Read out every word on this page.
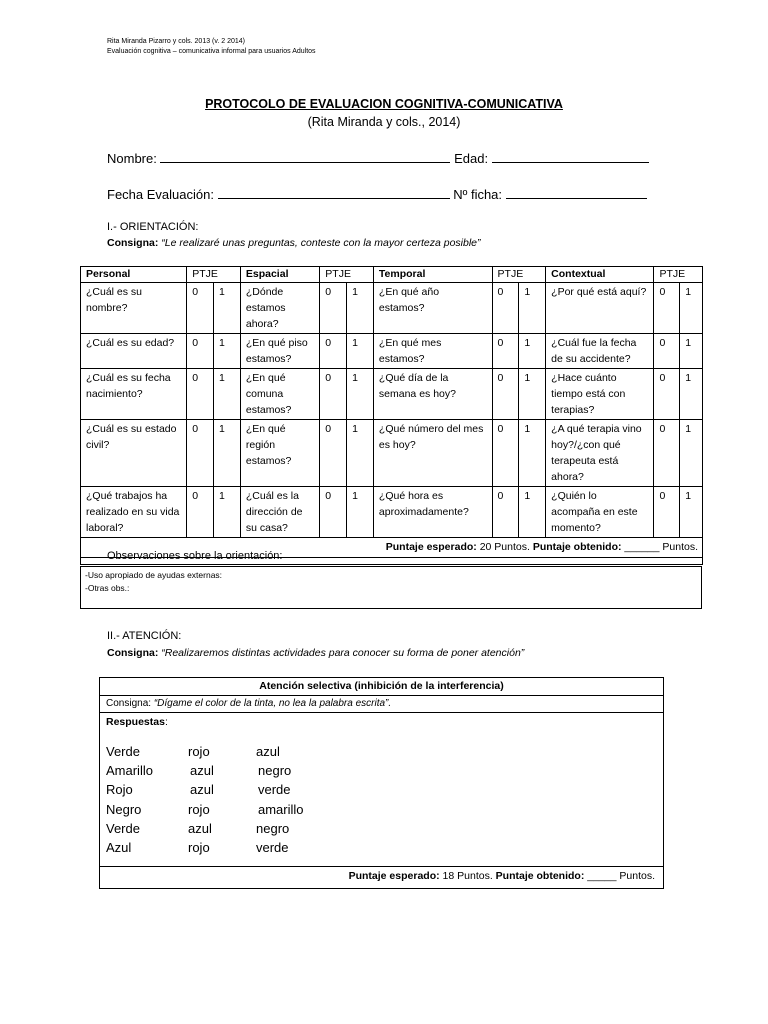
Rita Miranda Pizarro y cols. 2013 (v. 2 2014)
Evaluación cognitiva – comunicativa informal para usuarios Adultos
PROTOCOLO DE EVALUACION COGNITIVA-COMUNICATIVA
(Rita Miranda y cols., 2014)
Nombre:	Edad:
Fecha Evaluación:	Nº ficha:
I.- ORIENTACIÓN:
Consigna: “Le realizaré unas preguntas, conteste con la mayor certeza posible”
Personal	PTJE		Espacial	PTJE		Temporal	PTJE		Contextual	PTJE	
¿Cuál es su nombre?	0	1	¿Dónde estamos ahora?	0	1	¿En qué año estamos?	0	1	¿Por qué está aquí?	0	1
¿Cuál es su edad?	0	1	¿En qué piso estamos?	0	1	¿En qué mes estamos?	0	1	¿Cuál fue la fecha de su accidente?	0	1
¿Cuál es su fecha nacimiento?	0	1	¿En qué comuna estamos?	0	1	¿Qué día de la semana es hoy?	0	1	¿Hace cuánto tiempo está con terapias?	0	1
¿Cuál es su estado civil?	0	1	¿En qué región estamos?	0	1	¿Qué número del mes es hoy?	0	1	¿A qué terapia vino hoy?/¿con qué terapeuta está ahora?	0	1
¿Qué trabajos ha realizado en su vida laboral?	0	1	¿Cuál es la dirección de su casa?	0	1	¿Qué hora es aproximadamente?	0	1	¿Quién lo acompaña en este momento?	0	1
Puntaje esperado: 20 Puntos. Puntaje obtenido: ______ Puntos.											

Observaciones sobre la orientación:
-Uso apropiado de ayudas externas:
-Otras obs.:
II.- ATENCIÓN:
Consigna: “Realizaremos distintas actividades para conocer su forma de poner atención”
Atención selectiva (inhibición de la interferencia)
Consigna: “Dígame el color de la tinta, no lea la palabra escrita”.
Respuestas:
Verde	rojo	azul
Amarillo	azul	negro
Rojo	azul	verde
Negro	rojo	amarillo
Verde	azul	negro
Azul	rojo	verde
Puntaje esperado: 18 Puntos. Puntaje obtenido: _____ Puntos.
